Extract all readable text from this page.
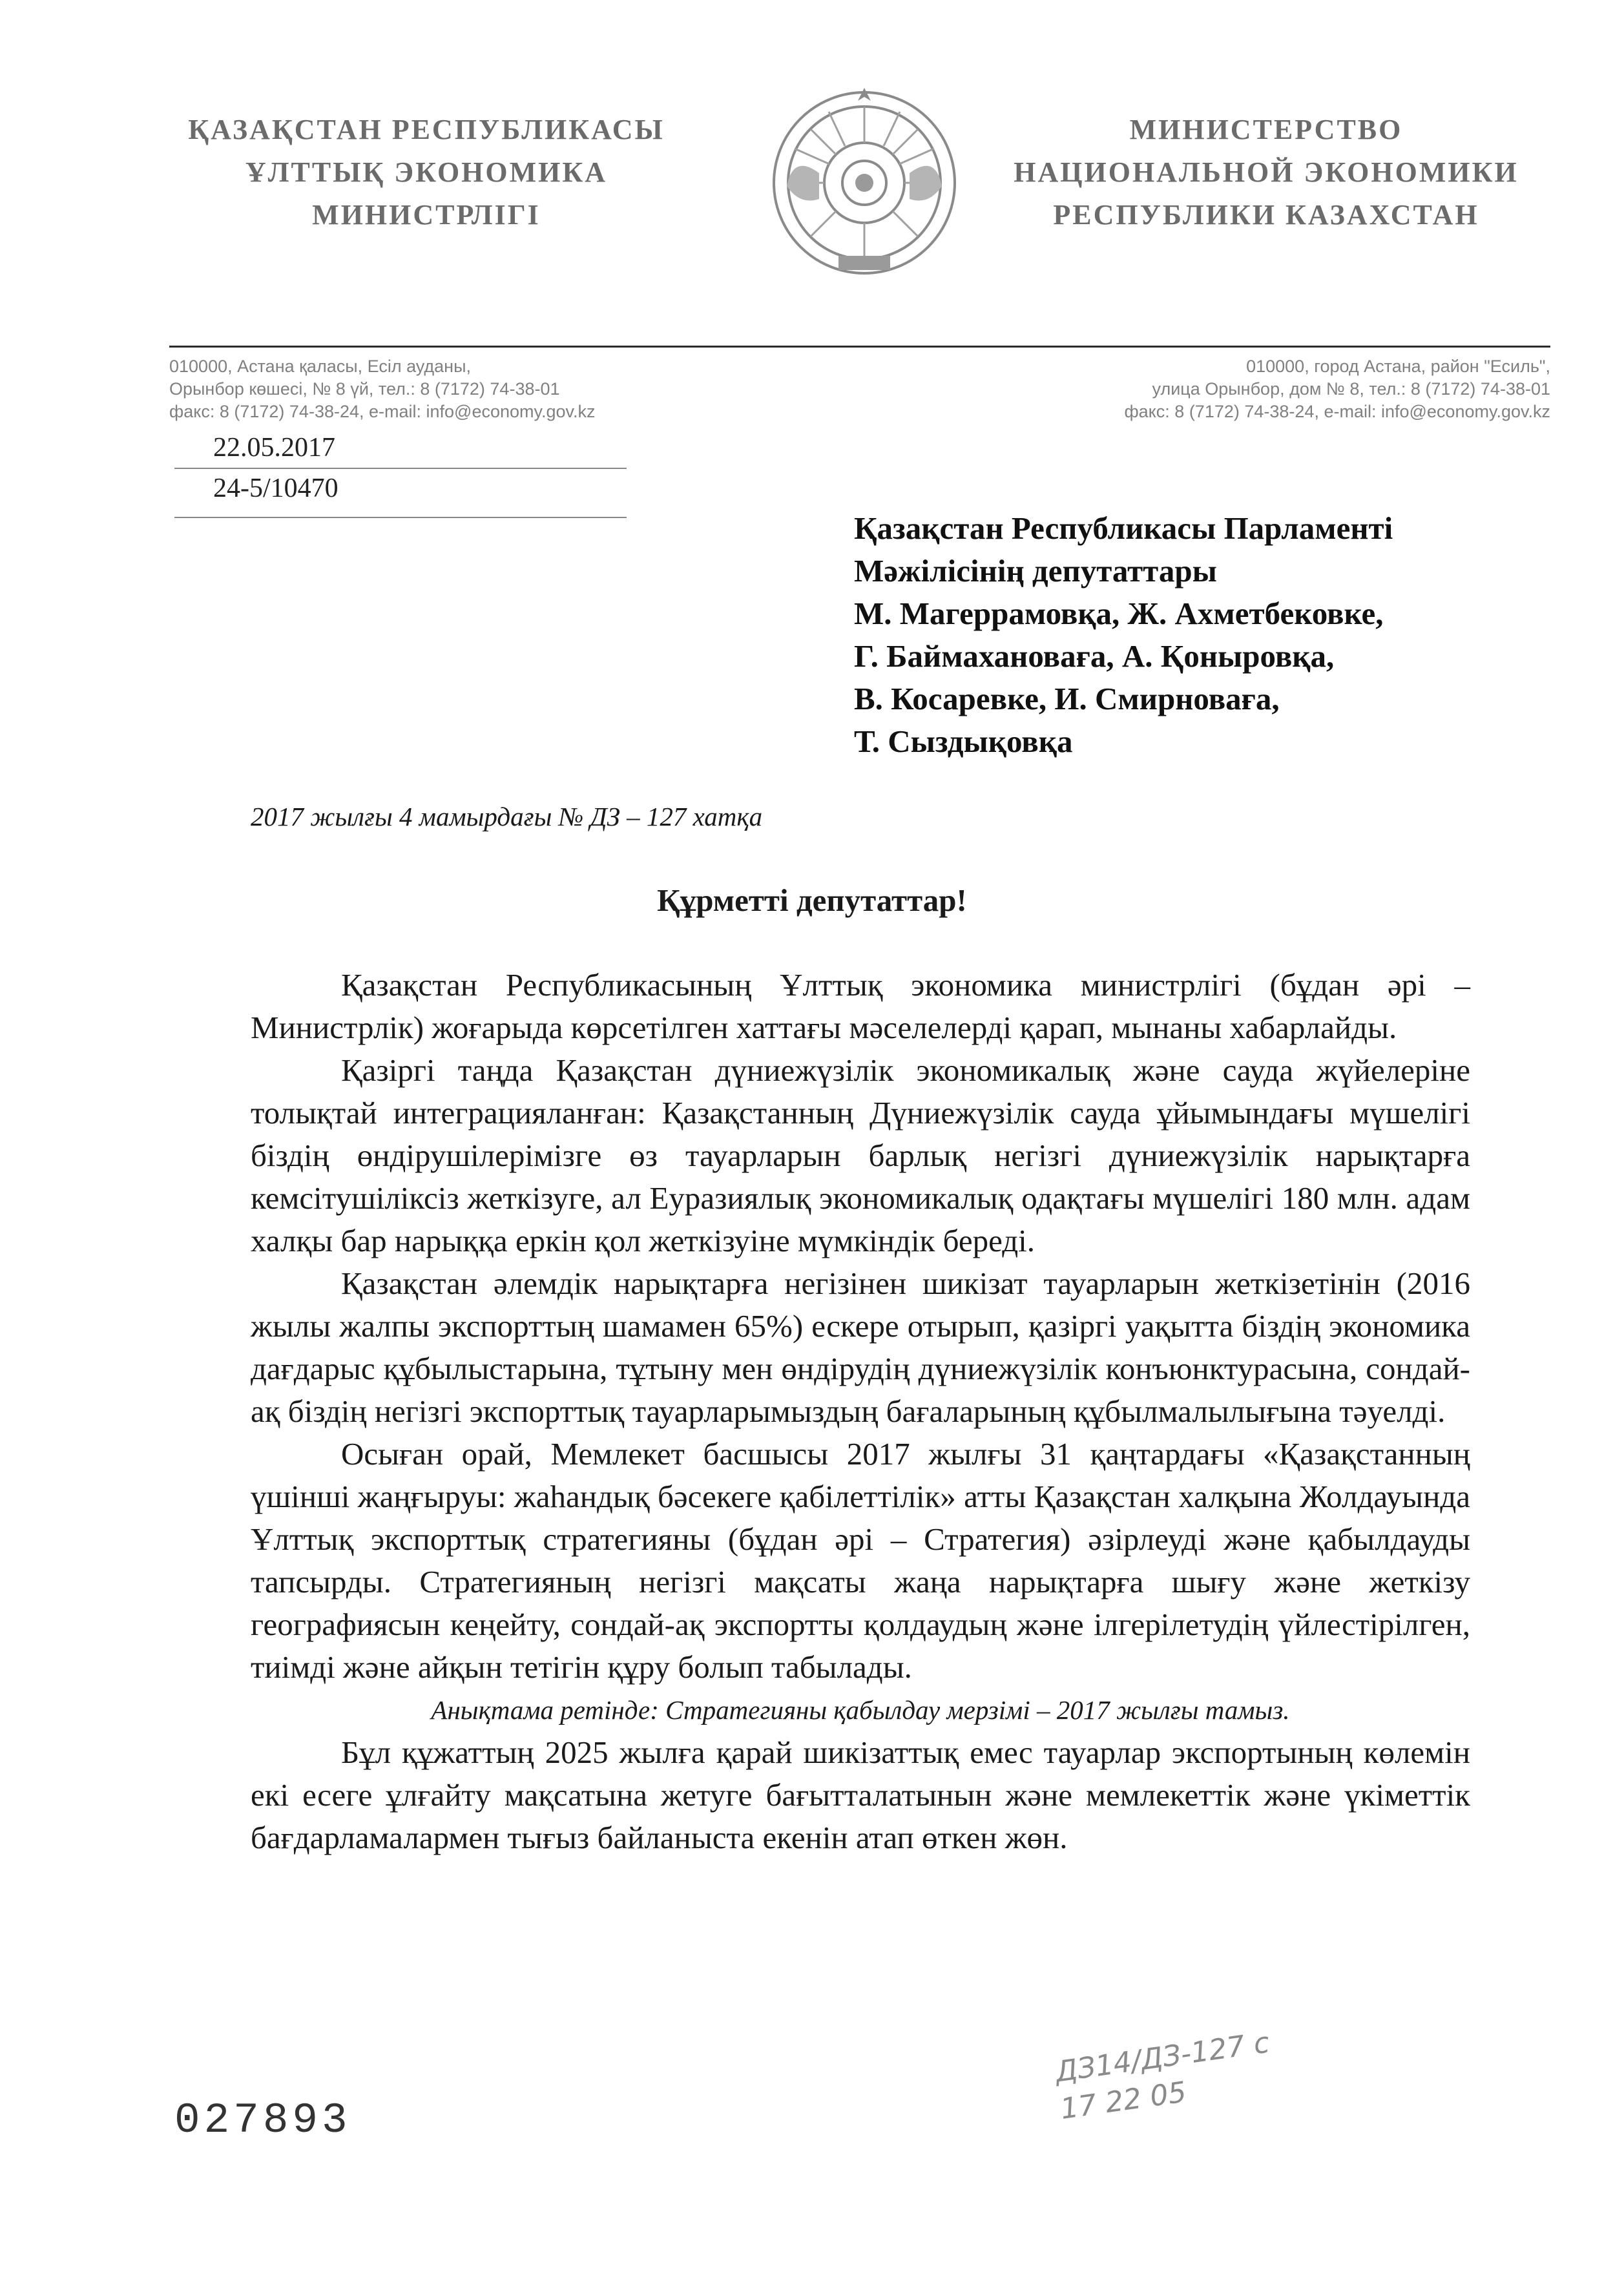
ҚАЗАҚСТАН РЕСПУБЛИКАСЫ
ҰЛТТЫҚ ЭКОНОМИКА
МИНИСТРЛІГІ
МИНИСТЕРСТВО
НАЦИОНАЛЬНОЙ ЭКОНОМИКИ
РЕСПУБЛИКИ КАЗАХСТАН
010000, Астана қаласы, Есіл ауданы,
Орынбор көшесі, № 8 үй, тел.: 8 (7172) 74-38-01
факс: 8 (7172) 74-38-24, e-mail: info@economy.gov.kz
010000, город Астана, район "Есиль",
улица Орынбор, дом № 8, тел.: 8 (7172) 74-38-01
факс: 8 (7172) 74-38-24, e-mail: info@economy.gov.kz
22.05.2017
24-5/10470
Қазақстан Республикасы Парламенті
Мәжілісінің депутаттары
М. Магеррамовқа, Ж. Ахметбековке,
Г. Баймахановаға, А. Қоныровқа,
В. Косаревке, И. Смирноваға,
Т. Сыздықовқа
2017 жылғы 4 мамырдағы № ДЗ – 127 хатқа
Құрметті депутаттар!

Қазақстан Республикасының Ұлттық экономика министрлігі (бұдан әрі – Министрлік) жоғарыда көрсетілген хаттағы мәселелерді қарап, мынаны хабарлайды.

Қазіргі таңда Қазақстан дүниежүзілік экономикалық және сауда жүйелеріне толықтай интеграцияланған: Қазақстанның Дүниежүзілік сауда ұйымындағы мүшелігі біздің өндірушілерімізге өз тауарларын барлық негізгі дүниежүзілік нарықтарға кемсітушіліксіз жеткізуге, ал Еуразиялық экономикалық одақтағы мүшелігі 180 млн. адам халқы бар нарыққа еркін қол жеткізуіне мүмкіндік береді.

Қазақстан әлемдік нарықтарға негізінен шикізат тауарларын жеткізетінін (2016 жылы жалпы экспорттың шамамен 65%) ескере отырып, қазіргі уақытта біздің экономика дағдарыс құбылыстарына, тұтыну мен өндірудің дүниежүзілік конъюнктурасына, сондай-ақ біздің негізгі экспорттық тауарларымыздың бағаларының құбылмалылығына тәуелді.

Осыған орай, Мемлекет басшысы 2017 жылғы 31 қаңтардағы «Қазақстанның үшінші жаңғыруы: жаһандық бәсекеге қабілеттілік» атты Қазақстан халқына Жолдауында Ұлттық экспорттық стратегияны (бұдан әрі – Стратегия) әзірлеуді және қабылдауды тапсырды. Стратегияның негізгі мақсаты жаңа нарықтарға шығу және жеткізу географиясын кеңейту, сондай-ақ экспортты қолдаудың және ілгерілетудің үйлестірілген, тиімді және айқын тетігін құру болып табылады.

Анықтама ретінде: Стратегияны қабылдау мерзімі – 2017 жылғы тамыз.

Бұл құжаттың 2025 жылға қарай шикізаттық емес тауарлар экспортының көлемін екі есеге ұлғайту мақсатына жетуге бағытталатынын және мемлекеттік және үкіметтік бағдарламалармен тығыз байланыста екенін атап өткен жөн.

027893
ДЗ14/ДЗ-127 с
17 22 05
